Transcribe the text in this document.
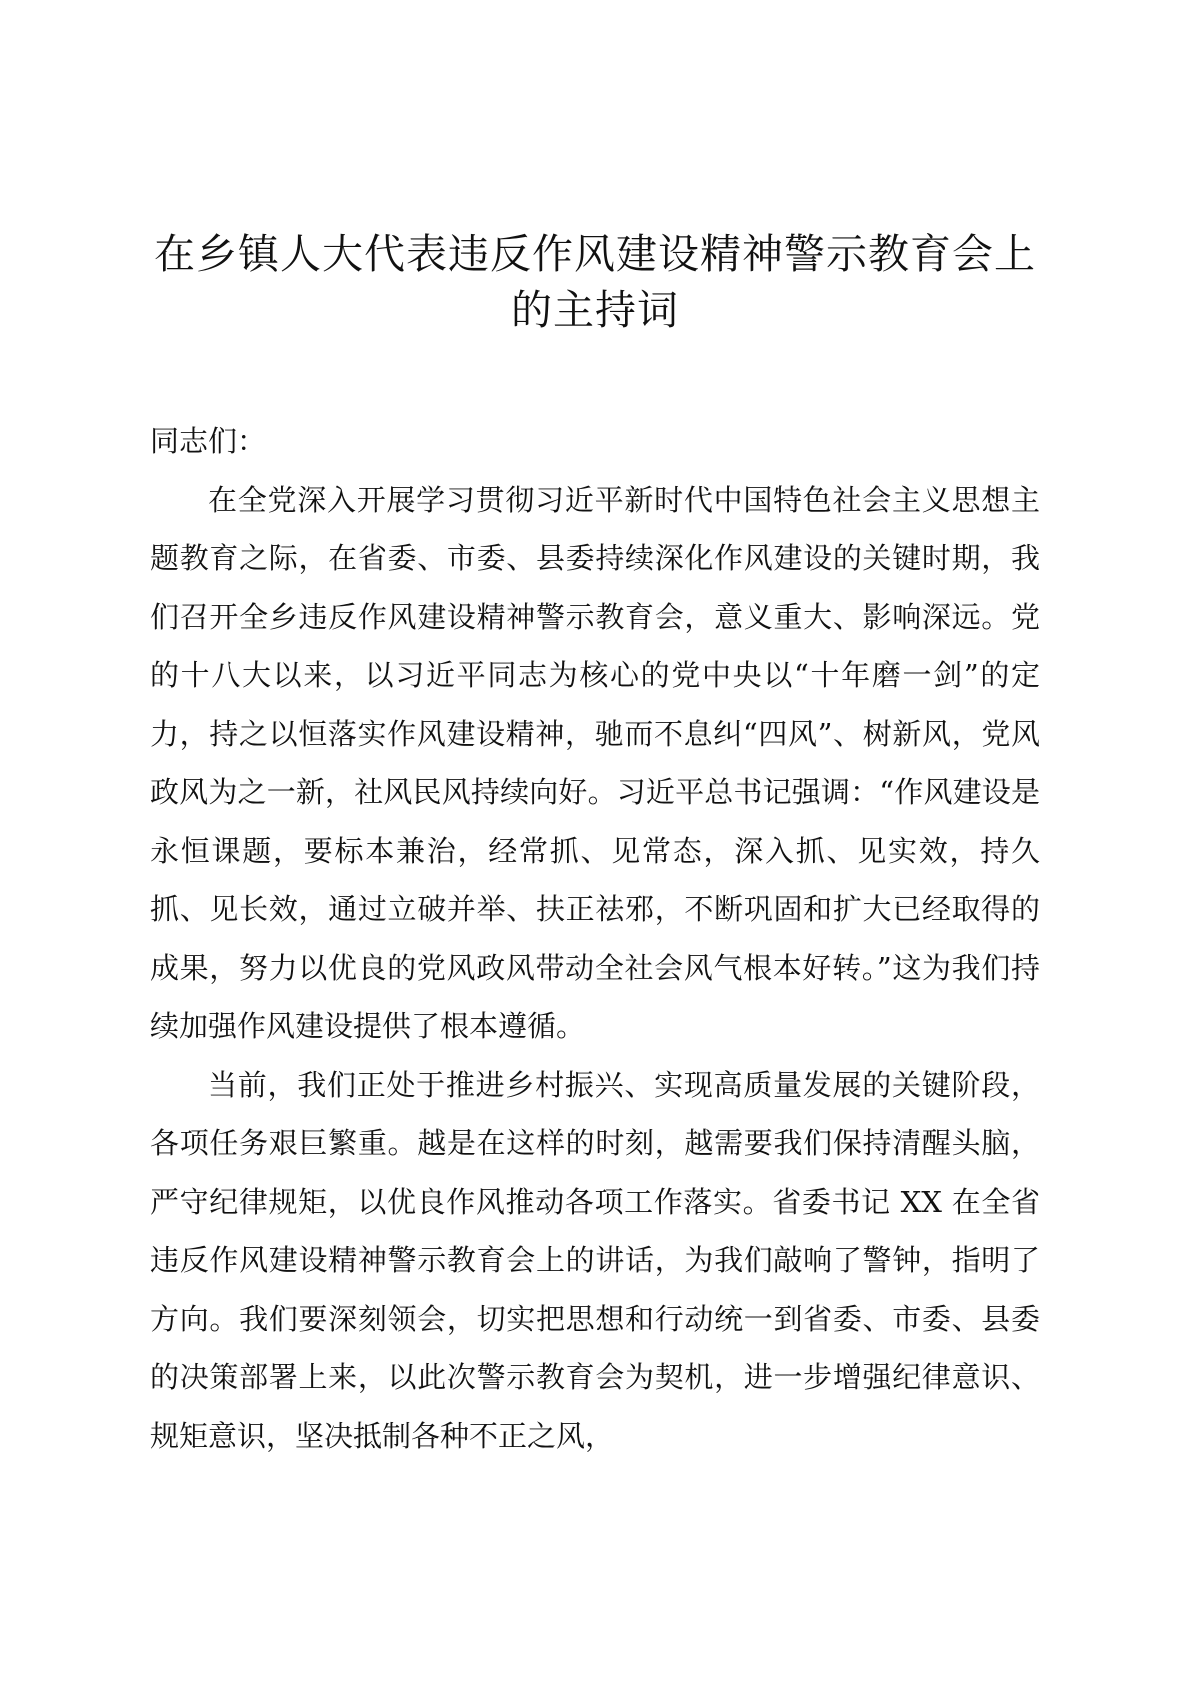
在乡镇人大代表违反作风建设精神警示教育会上的主持词

同志们：

在全党深入开展学习贯彻习近平新时代中国特色社会主义思想主题教育之际，在省委、市委、县委持续深化作风建设的关键时期，我们召开全乡违反作风建设精神警示教育会，意义重大、影响深远。党的十八大以来，以习近平同志为核心的党中央以“十年磨一剑”的定力，持之以恒落实作风建设精神，驰而不息纠“四风”、树新风，党风政风为之一新，社风民风持续向好。习近平总书记强调：“作风建设是永恒课题，要标本兼治，经常抓、见常态，深入抓、见实效，持久抓、见长效，通过立破并举、扶正祛邪，不断巩固和扩大已经取得的成果，努力以优良的党风政风带动全社会风气根本好转。”这为我们持续加强作风建设提供了根本遵循。

当前，我们正处于推进乡村振兴、实现高质量发展的关键阶段，各项任务艰巨繁重。越是在这样的时刻，越需要我们保持清醒头脑，严守纪律规矩，以优良作风推动各项工作落实。省委书记 XX 在全省违反作风建设精神警示教育会上的讲话，为我们敲响了警钟，指明了方向。我们要深刻领会，切实把思想和行动统一到省委、市委、县委的决策部署上来，以此次警示教育会为契机，进一步增强纪律意识、规矩意识，坚决抵制各种不正之风，
